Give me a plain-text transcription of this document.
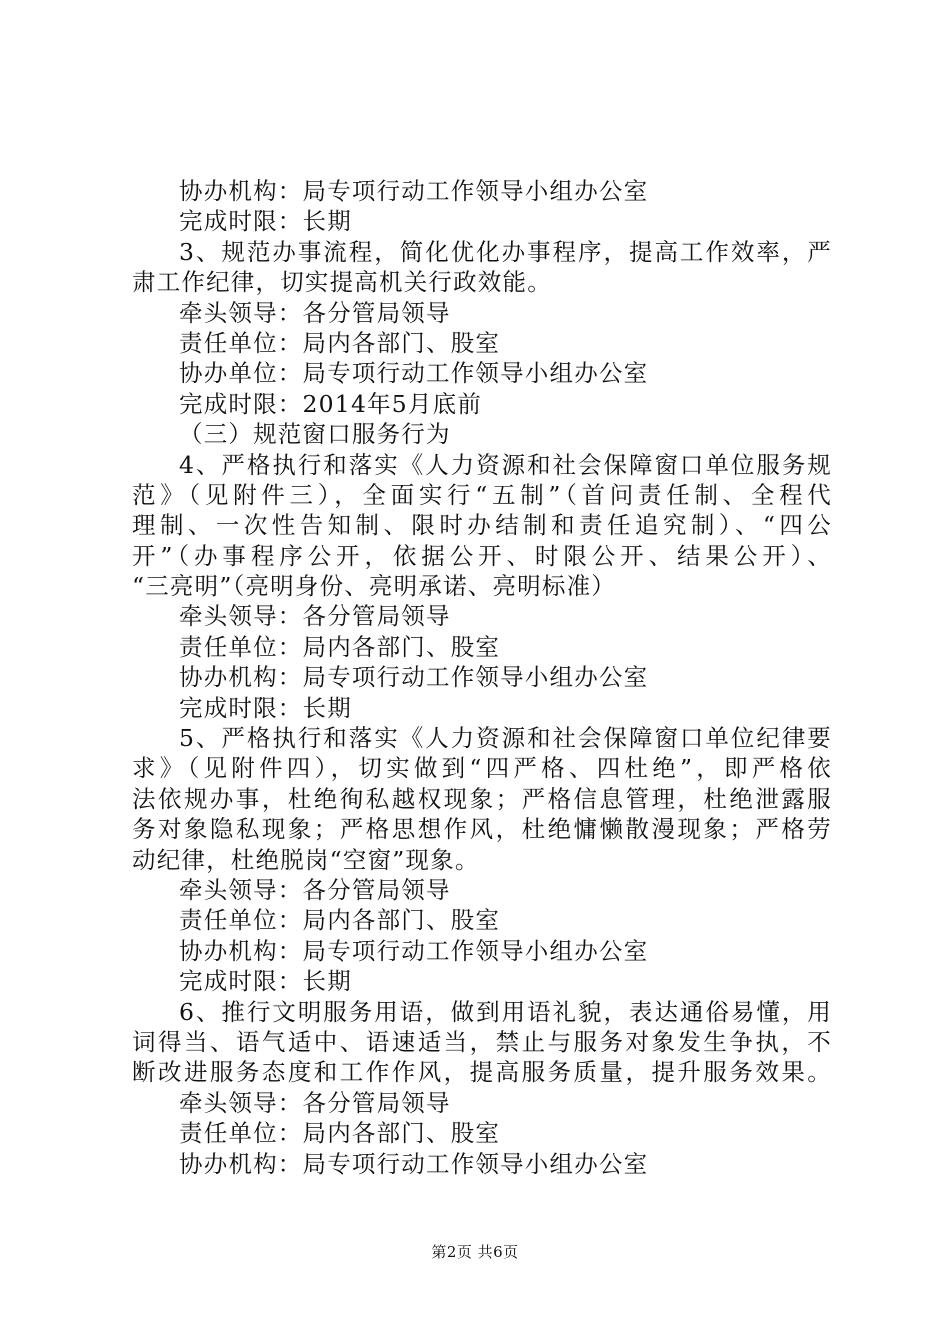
协办机构：局专项行动工作领导小组办公室
完成时限：长期
3、规范办事流程，简化优化办事程序，提高工作效率，严
肃工作纪律，切实提高机关行政效能。
牵头领导：各分管局领导
责任单位：局内各部门、股室
协办单位：局专项行动工作领导小组办公室
完成时限：2014年5月底前
（三）规范窗口服务行为
4、严格执行和落实《人力资源和社会保障窗口单位服务规
范》（见附件三），全面实行“五制”（首问责任制、全程代
理制、一次性告知制、限时办结制和责任追究制）、“四公
开”（办事程序公开，依据公开、时限公开、结果公开）、
“三亮明”（亮明身份、亮明承诺、亮明标准）
牵头领导：各分管局领导
责任单位：局内各部门、股室
协办机构：局专项行动工作领导小组办公室
完成时限：长期
5、严格执行和落实《人力资源和社会保障窗口单位纪律要
求》（见附件四），切实做到“四严格、四杜绝”，即严格依
法依规办事，杜绝徇私越权现象；严格信息管理，杜绝泄露服
务对象隐私现象；严格思想作风，杜绝慵懒散漫现象；严格劳
动纪律，杜绝脱岗“空窗”现象。
牵头领导：各分管局领导
责任单位：局内各部门、股室
协办机构：局专项行动工作领导小组办公室
完成时限：长期
6、推行文明服务用语，做到用语礼貌，表达通俗易懂，用
词得当、语气适中、语速适当，禁止与服务对象发生争执，不
断改进服务态度和工作作风，提高服务质量，提升服务效果。
牵头领导：各分管局领导
责任单位：局内各部门、股室
协办机构：局专项行动工作领导小组办公室
第2页 共6页
